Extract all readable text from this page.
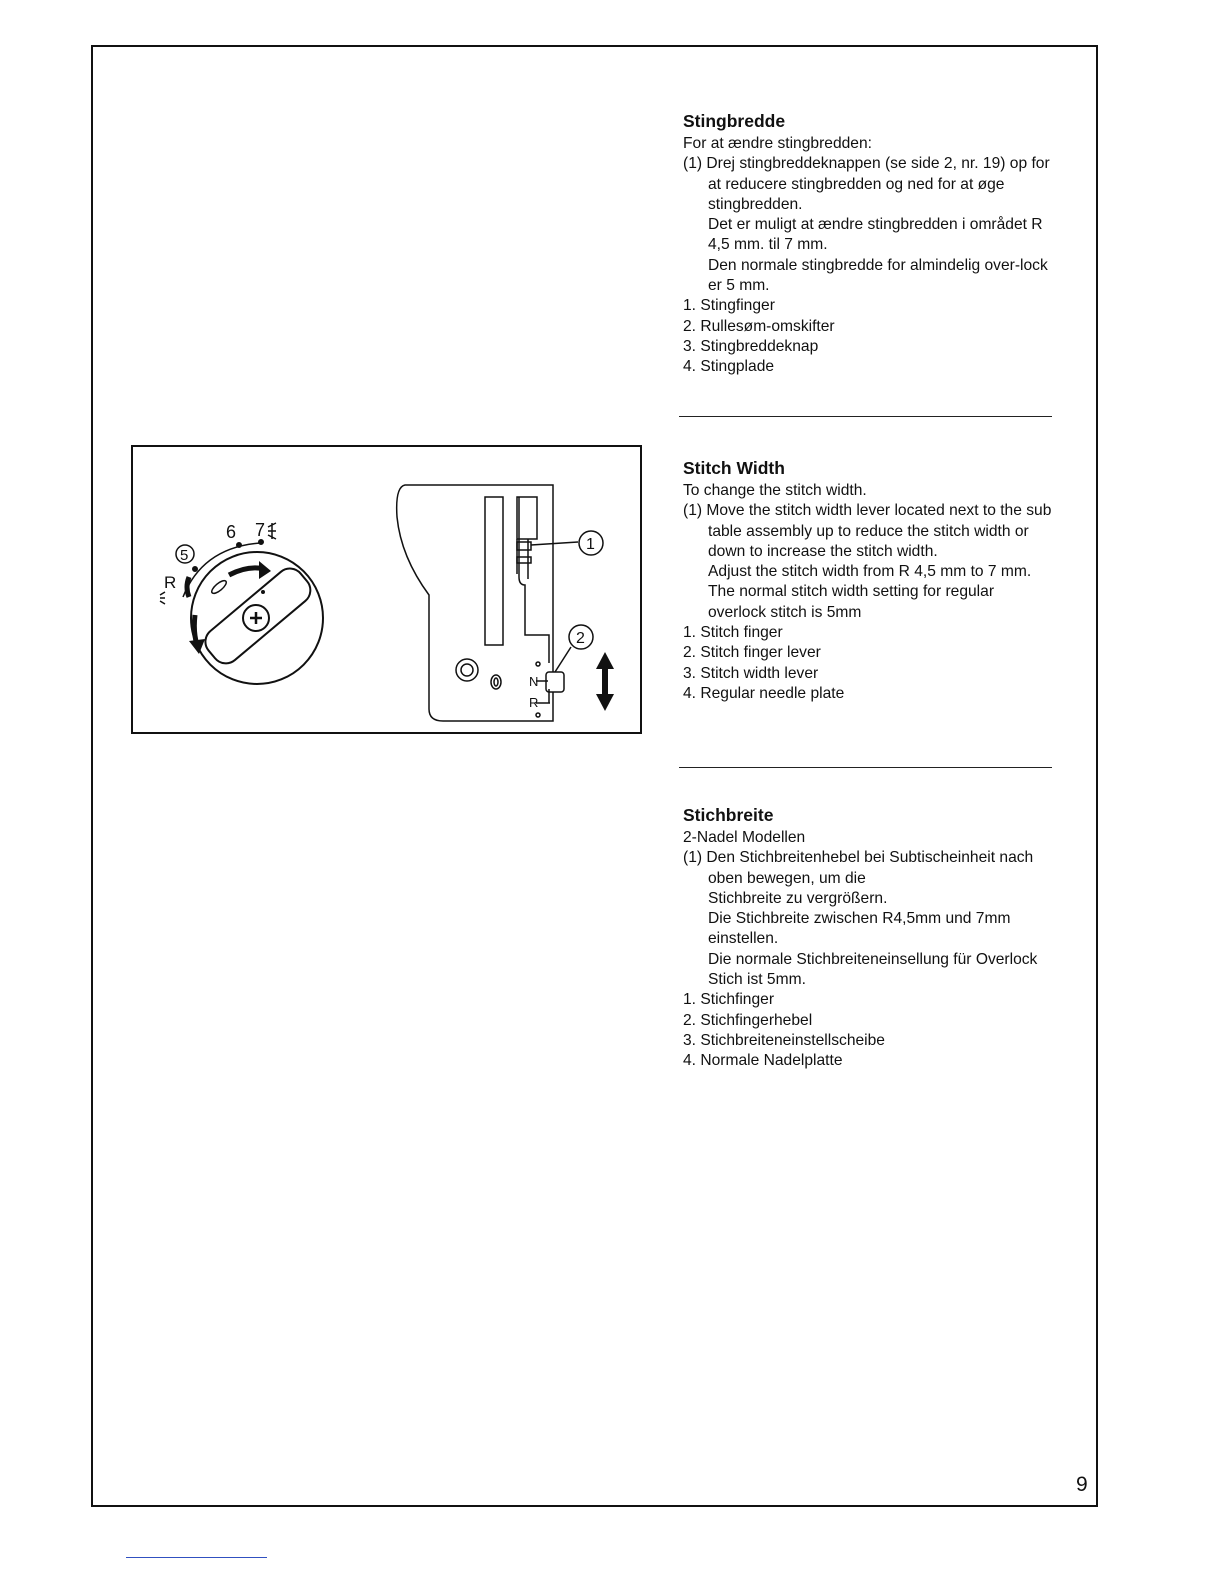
Stingbredde

For at ændre stingbredden:

(1) Drej stingbreddeknappen (se side 2, nr. 19) op for at reducere stingbredden og ned for at øge stingbredden.

Det er muligt at ændre stingbredden i området R 4,5 mm. til 7 mm.

Den normale stingbredde for almindelig over-lock er 5 mm.

1. Stingfinger
2. Rullesøm-omskifter
3. Stingbreddeknap
4. Stingplade
Stitch Width

To change the stitch width.

(1) Move the stitch width lever located next to the sub table assembly up to reduce the stitch width or down to increase the stitch width.

Adjust the stitch width from R 4,5 mm to 7 mm.

The normal stitch width setting for regular overlock stitch is 5mm

1. Stitch finger
2. Stitch finger lever
3. Stitch width lever
4. Regular needle plate
Stichbreite

2-Nadel Modellen

(1) Den Stichbreitenhebel bei Subtischeinheit nach oben bewegen, um die

Stichbreite zu vergrößern.

Die Stichbreite zwischen R4,5mm und 7mm einstellen.

Die normale Stichbreiteneinsellung für Overlock Stich ist 5mm.

1. Stichfinger
2. Stichfingerhebel
3. Stichbreiteneinstellscheibe
4. Normale Nadelplatte
6 7
5
R
1
2
N
R
9
